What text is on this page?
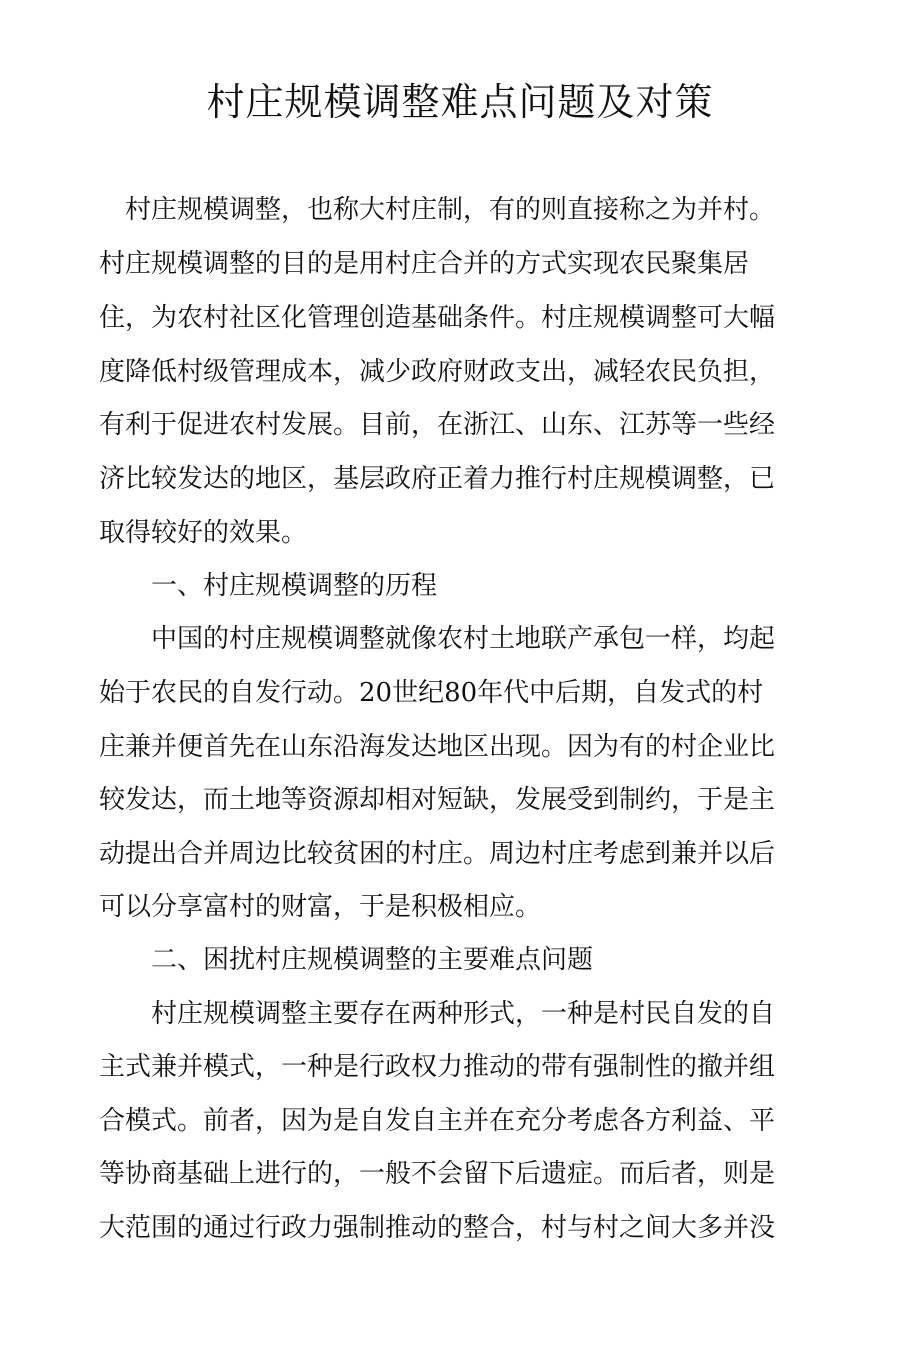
村庄规模调整难点问题及对策

　村庄规模调整，也称大村庄制，有的则直接称之为并村。

村庄规模调整的目的是用村庄合并的方式实现农民聚集居

住，为农村社区化管理创造基础条件。村庄规模调整可大幅

度降低村级管理成本，减少政府财政支出，减轻农民负担，

有利于促进农村发展。目前，在浙江、山东、江苏等一些经

济比较发达的地区，基层政府正着力推行村庄规模调整，已

取得较好的效果。

　　一、村庄规模调整的历程

　　中国的村庄规模调整就像农村土地联产承包一样，均起

始于农民的自发行动。20世纪80年代中后期，自发式的村

庄兼并便首先在山东沿海发达地区出现。因为有的村企业比

较发达，而土地等资源却相对短缺，发展受到制约，于是主

动提出合并周边比较贫困的村庄。周边村庄考虑到兼并以后

可以分享富村的财富，于是积极相应。

　　二、困扰村庄规模调整的主要难点问题

　　村庄规模调整主要存在两种形式，一种是村民自发的自

主式兼并模式，一种是行政权力推动的带有强制性的撤并组

合模式。前者，因为是自发自主并在充分考虑各方利益、平

等协商基础上进行的，一般不会留下后遗症。而后者，则是

大范围的通过行政力强制推动的整合，村与村之间大多并没
